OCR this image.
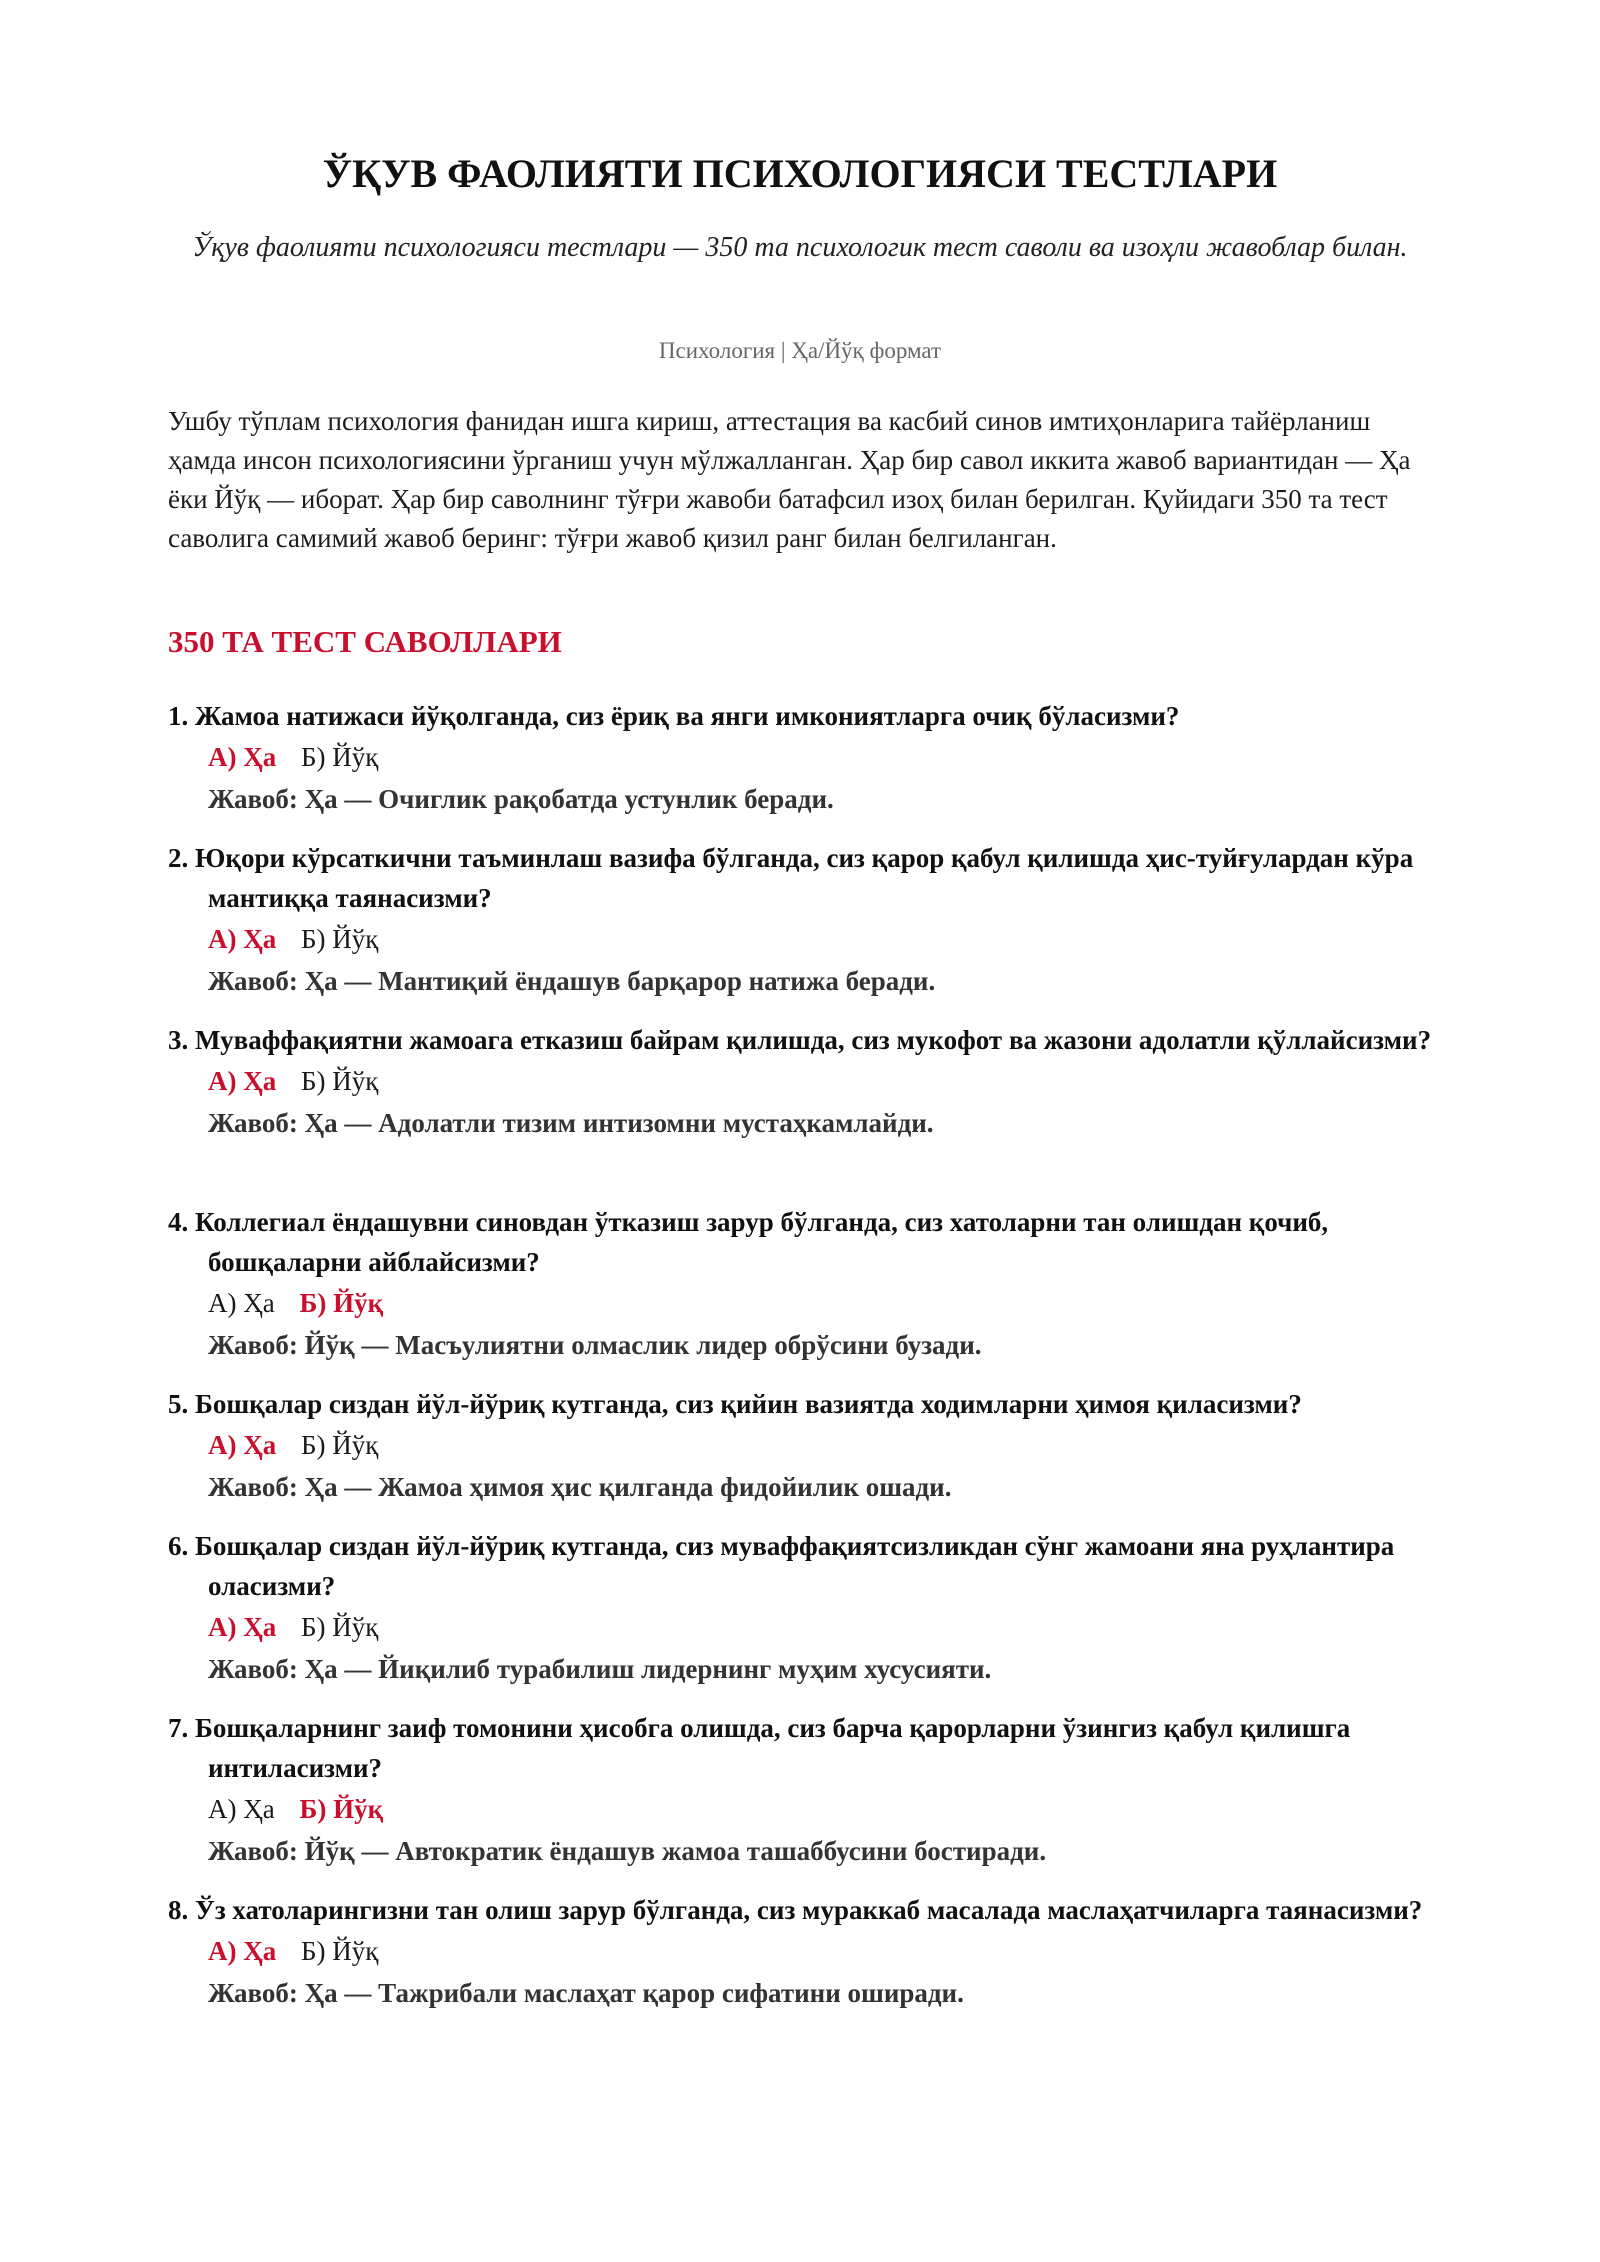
ЎҚУВ ФАОЛИЯТИ ПСИХОЛОГИЯСИ ТЕСТЛАРИ

Ўқув фаолияти психологияси тестлари — 350 та психологик тест саволи ва изоҳли жавоблар билан.

Психология | Ҳа/Йўқ формат

Ушбу тўплам психология фанидан ишга кириш, аттестация ва касбий синов имтиҳонларига тайёрланиш ҳамда инсон психологиясини ўрганиш учун мўлжалланган. Ҳар бир савол иккита жавоб вариантидан — Ҳа ёки Йўқ — иборат. Ҳар бир саволнинг тўғри жавоби батафсил изоҳ билан берилган. Қуйидаги 350 та тест саволига самимий жавоб беринг: тўғри жавоб қизил ранг билан белгиланган.

350 ТА ТЕСТ САВОЛЛАРИ

1. Жамоа натижаси йўқолганда, сиз ёриқ ва янги имкониятларга очиқ бўласизми?

А) Ҳа Б) Йўқ

Жавоб: Ҳа — Очиглик рақобатда устунлик беради.

2. Юқори кўрсаткични таъминлаш вазифа бўлганда, сиз қарор қабул қилишда ҳис-туйғулардан кўра мантиққа таянасизми?

А) Ҳа Б) Йўқ

Жавоб: Ҳа — Мантиқий ёндашув барқарор натижа беради.

3. Муваффақиятни жамоага етказиш байрам қилишда, сиз мукофот ва жазони адолатли қўллайсизми?

А) Ҳа Б) Йўқ

Жавоб: Ҳа — Адолатли тизим интизомни мустаҳкамлайди.

4. Коллегиал ёндашувни синовдан ўтказиш зарур бўлганда, сиз хатоларни тан олишдан қочиб, бошқаларни айблайсизми?

А) Ҳа Б) Йўқ

Жавоб: Йўқ — Масъулиятни олмаслик лидер обрўсини бузади.

5. Бошқалар сиздан йўл-йўриқ кутганда, сиз қийин вазиятда ходимларни ҳимоя қиласизми?

А) Ҳа Б) Йўқ

Жавоб: Ҳа — Жамоа ҳимоя ҳис қилганда фидойилик ошади.

6. Бошқалар сиздан йўл-йўриқ кутганда, сиз муваффақиятсизликдан сўнг жамоани яна руҳлантира оласизми?

А) Ҳа Б) Йўқ

Жавоб: Ҳа — Йиқилиб турабилиш лидернинг муҳим хусусияти.

7. Бошқаларнинг заиф томонини ҳисобга олишда, сиз барча қарорларни ўзингиз қабул қилишга интиласизми?

А) Ҳа Б) Йўқ

Жавоб: Йўқ — Автократик ёндашув жамоа ташаббусини бостиради.

8. Ўз хатоларингизни тан олиш зарур бўлганда, сиз мураккаб масалада маслаҳатчиларга таянасизми?

А) Ҳа Б) Йўқ

Жавоб: Ҳа — Тажрибали маслаҳат қарор сифатини оширади.
